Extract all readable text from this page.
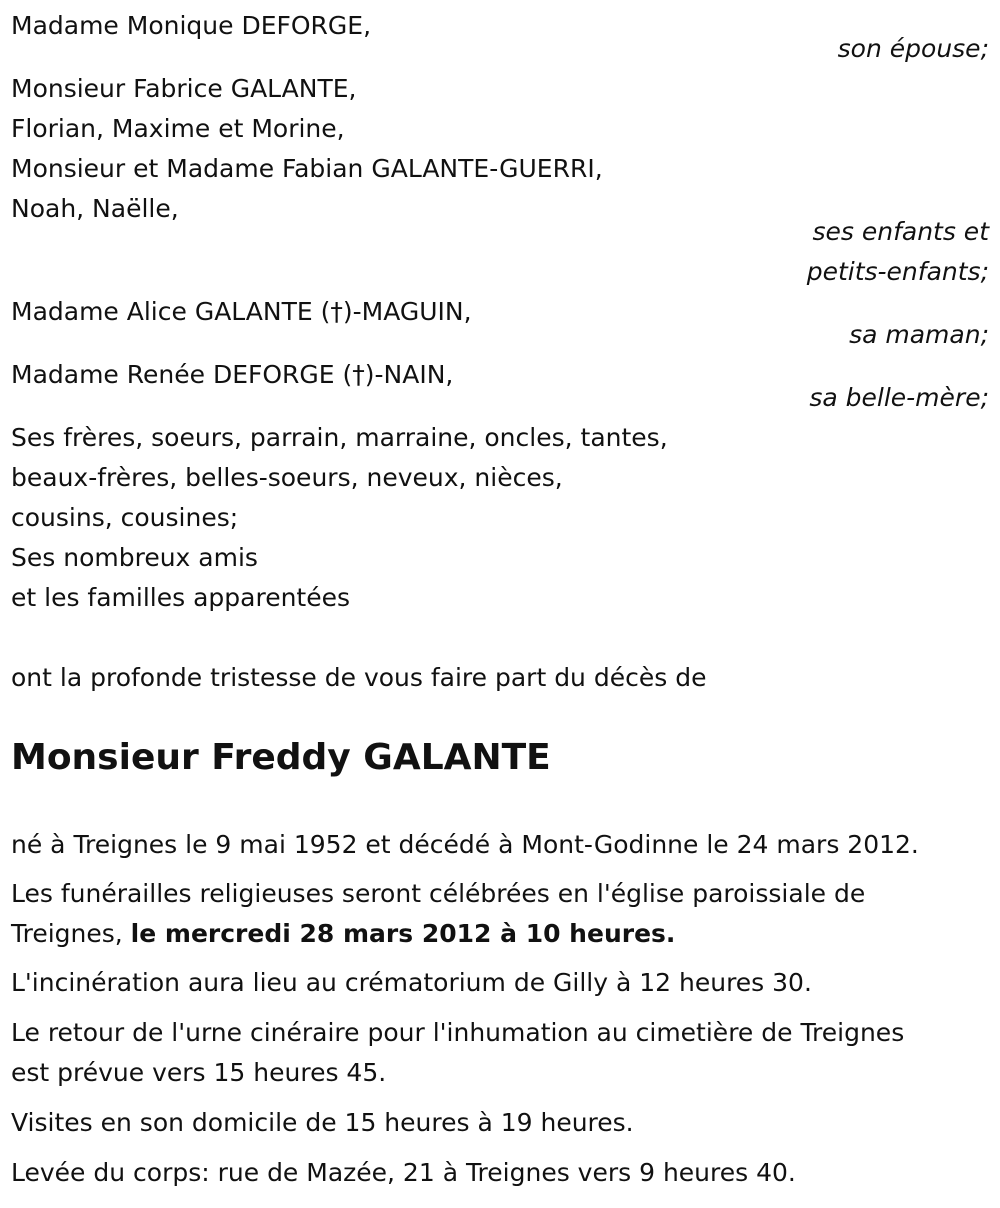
Madame Monique DEFORGE,
son épouse;
Monsieur Fabrice GALANTE,
Florian, Maxime et Morine,
Monsieur et Madame Fabian GALANTE-GUERRI,
Noah, Naëlle,
ses enfants et
petits-enfants;
Madame Alice GALANTE (†)-MAGUIN,
sa maman;
Madame Renée DEFORGE (†)-NAIN,
sa belle-mère;
Ses frères, soeurs, parrain, marraine, oncles, tantes,
beaux-frères, belles-soeurs, neveux, nièces,
cousins, cousines;
Ses nombreux amis
et les familles apparentées
ont la profonde tristesse de vous faire part du décès de
Monsieur Freddy GALANTE
né à Treignes le 9 mai 1952 et décédé à Mont-Godinne le 24 mars 2012.
Les funérailles religieuses seront célébrées en l'église paroissiale de
Treignes, le mercredi 28 mars 2012 à 10 heures.
L'incinération aura lieu au crématorium de Gilly à 12 heures 30.
Le retour de l'urne cinéraire pour l'inhumation au cimetière de Treignes
est prévue vers 15 heures 45.
Visites en son domicile de 15 heures à 19 heures.
Levée du corps: rue de Mazée, 21 à Treignes vers 9 heures 40.
